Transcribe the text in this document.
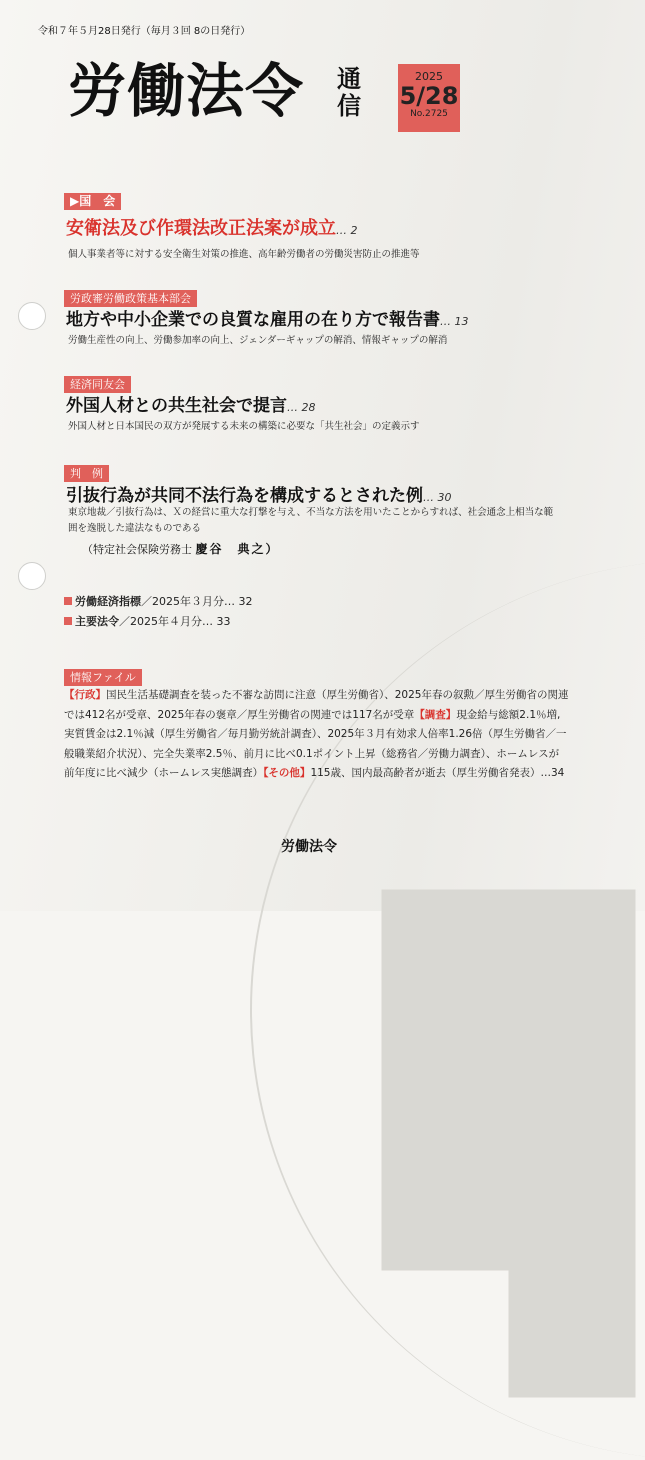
令和７年５月28日発行（毎月３回 8の日発行）
労働法令 通
信
2025
5/28
No.2725
▶国　会
安衛法及び作環法改正法案が成立… 2
個人事業者等に対する安全衛生対策の推進、高年齢労働者の労働災害防止の推進等
労政審労働政策基本部会
地方や中小企業での良質な雇用の在り方で報告書… 13
労働生産性の向上、労働参加率の向上、ジェンダーギャップの解消、情報ギャップの解消
経済同友会
外国人材との共生社会で提言… 28
外国人材と日本国民の双方が発展する未来の構築に必要な「共生社会」の定義示す
判　例
引抜行為が共同不法行為を構成するとされた例… 30
東京地裁／引抜行為は、Ｘの経営に重大な打撃を与え、不当な方法を用いたことからすれば、社会通念上相当な範囲を逸脱した違法なものである
（特定社会保険労務士 慶谷　典之）
労働経済指標／2025年３月分… 32
主要法令／2025年４月分… 33
情報ファイル
【行政】国民生活基礎調査を装った不審な訪問に注意（厚生労働省）、2025年春の叙勲／厚生労働省の関連では412名が受章、2025年春の褒章／厚生労働省の関連では117名が受章【調査】現金給与総額2.1％増,実質賃金は2.1％減（厚生労働省／毎月勤労統計調査）、2025年３月有効求人倍率1.26倍（厚生労働省／一般職業紹介状況）、完全失業率2.5％、前月に比べ0.1ポイント上昇（総務省／労働力調査）、ホームレスが前年度に比べ減少（ホームレス実態調査）【その他】115歳、国内最高齢者が逝去（厚生労働省発表）…34
労働法令
